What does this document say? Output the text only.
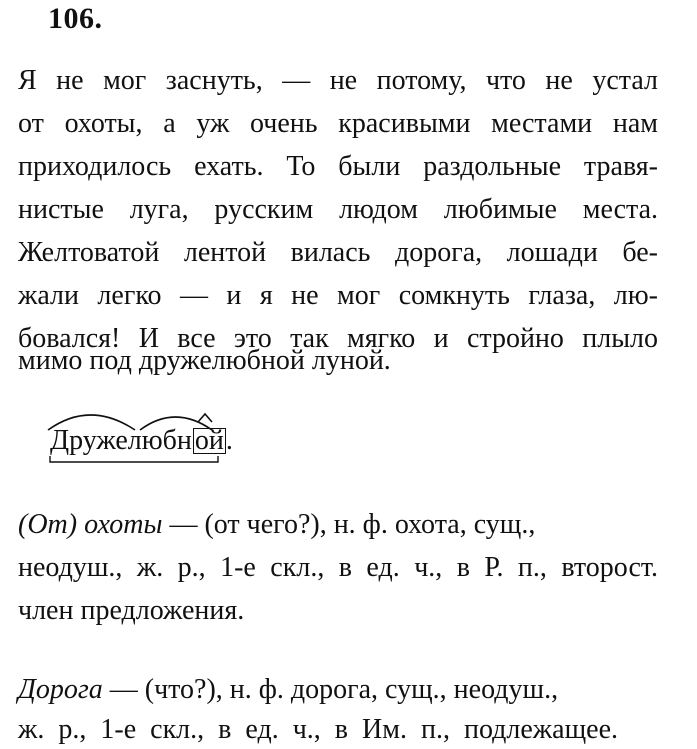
106.
Я не мог заснуть, — не потому, что не устал
от охоты, а уж очень красивыми местами нам
приходилось ехать. То были раздольные травя-
нистые луга, русским людом любимые места.
Желтоватой лентой вилась дорога, лошади бе-
жали легко — и я не мог сомкнуть глаза, лю-
бовался! И все это так мягко и стройно плыло
мимо под дружелюбной луной.
Дружелюбн ой.
(От) охоты — (от чего?), н. ф. охота, сущ.,
неодуш., ж. р., 1-е скл., в ед. ч., в Р. п., второст.
член предложения.
Дорога — (что?), н. ф. дорога, сущ., неодуш.,
ж. р., 1-е скл., в ед. ч., в Им. п., подлежащее.
